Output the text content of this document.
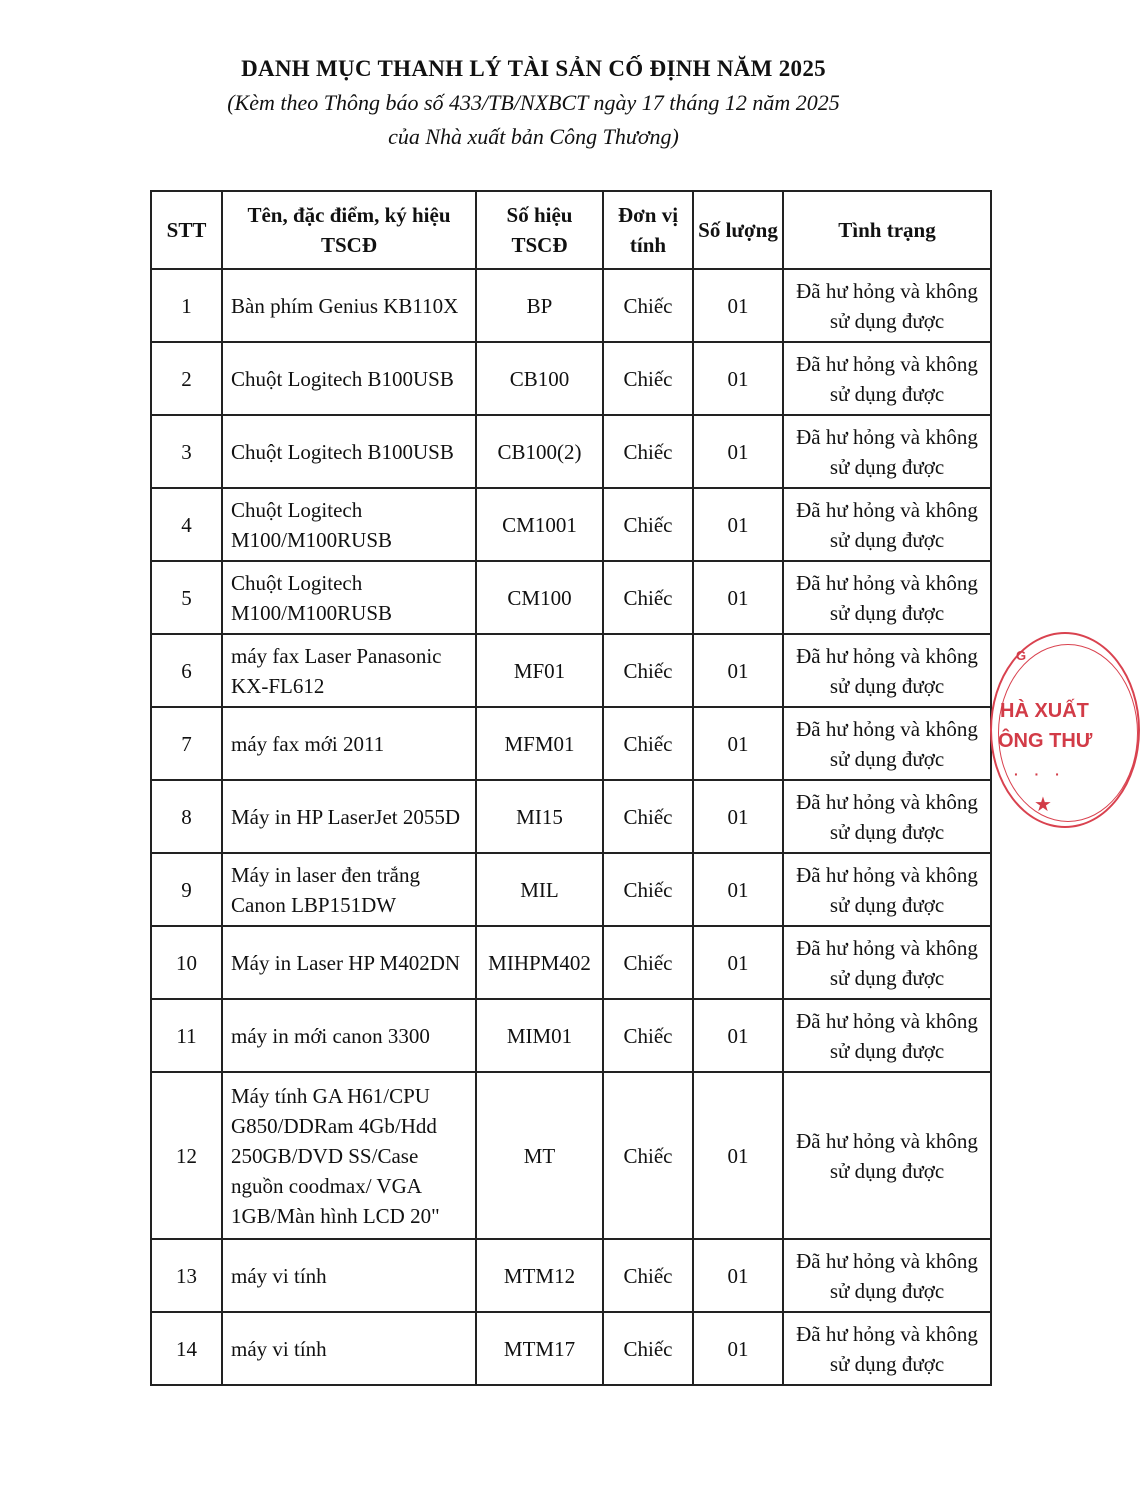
DANH MỤC THANH LÝ TÀI SẢN CỐ ĐỊNH NĂM 2025
(Kèm theo Thông báo số 433/TB/NXBCT ngày 17 tháng 12 năm 2025
của Nhà xuất bản Công Thương)
STT	Tên, đặc điểm, ký hiệu TSCĐ	Số hiệu TSCĐ	Đơn vị tính	Số lượng	Tình trạng
1	Bàn phím Genius KB110X	BP	Chiếc	01	Đã hư hỏng và không sử dụng được
2	Chuột Logitech B100USB	CB100	Chiếc	01	Đã hư hỏng và không sử dụng được
3	Chuột Logitech B100USB	CB100(2)	Chiếc	01	Đã hư hỏng và không sử dụng được
4	Chuột Logitech M100/M100RUSB	CM1001	Chiếc	01	Đã hư hỏng và không sử dụng được
5	Chuột Logitech M100/M100RUSB	CM100	Chiếc	01	Đã hư hỏng và không sử dụng được
6	máy fax Laser Panasonic KX-FL612	MF01	Chiếc	01	Đã hư hỏng và không sử dụng được
7	máy fax mới 2011	MFM01	Chiếc	01	Đã hư hỏng và không sử dụng được
8	Máy in HP LaserJet 2055D	MI15	Chiếc	01	Đã hư hỏng và không sử dụng được
9	Máy in laser đen trắng Canon LBP151DW	MIL	Chiếc	01	Đã hư hỏng và không sử dụng được
10	Máy in Laser HP M402DN	MIHPM402	Chiếc	01	Đã hư hỏng và không sử dụng được
11	máy in mới canon 3300	MIM01	Chiếc	01	Đã hư hỏng và không sử dụng được
12	Máy tính GA H61/CPU G850/DDRam 4Gb/Hdd 250GB/DVD SS/Case nguồn coodmax/ VGA 1GB/Màn hình LCD 20"	MT	Chiếc	01	Đã hư hỏng và không sử dụng được
13	máy vi tính	MTM12	Chiếc	01	Đã hư hỏng và không sử dụng được
14	máy vi tính	MTM17	Chiếc	01	Đã hư hỏng và không sử dụng được
G
HÀ XUẤT
ÔNG THƯ
· · ·
★
